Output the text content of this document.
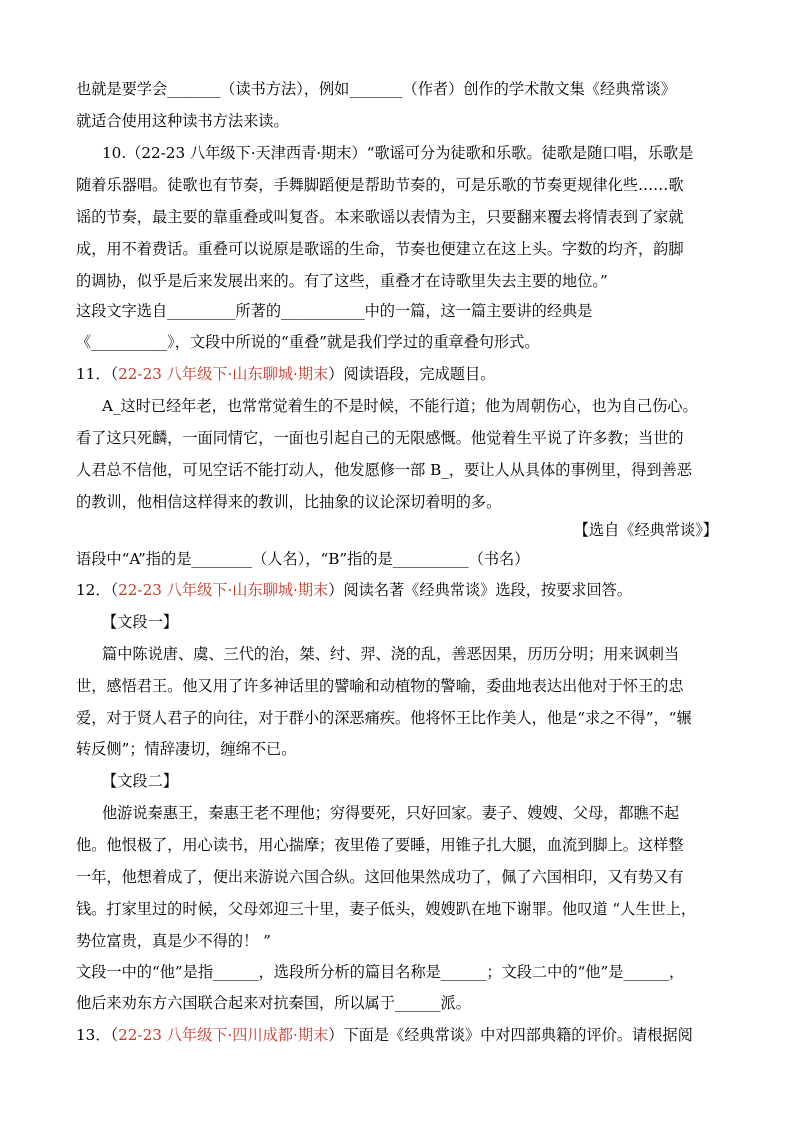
也就是要学会_______（读书方法），例如_______（作者）创作的学术散文集《经典常谈》
就适合使用这种读书方法来读。
10.（22-23 八年级下·天津西青·期末）“歌谣可分为徒歌和乐歌。徒歌是随口唱，乐歌是
随着乐器唱。徒歌也有节奏，手舞脚蹈便是帮助节奏的，可是乐歌的节奏更规律化些……歌
谣的节奏，最主要的靠重叠或叫复沓。本来歌谣以表情为主，只要翻来覆去将情表到了家就
成，用不着费话。重叠可以说原是歌谣的生命，节奏也便建立在这上头。字数的均齐，韵脚
的调协，似乎是后来发展出来的。有了这些，重叠才在诗歌里失去主要的地位。”
这段文字选自_________所著的___________中的一篇，这一篇主要讲的经典是
《__________》，文段中所说的“重叠”就是我们学过的重章叠句形式。
11．（22-23 八年级下·山东聊城·期末）阅读语段，完成题目。
A_这时已经年老，也常常觉着生的不是时候，不能行道；他为周朝伤心，也为自己伤心。
看了这只死麟，一面同情它，一面也引起自己的无限感慨。他觉着生平说了许多教；当世的
人君总不信他，可见空话不能打动人，他发愿修一部 B_，要让人从具体的事例里，得到善恶
的教训，他相信这样得来的教训，比抽象的议论深切着明的多。
【选自《经典常谈》】
语段中“A”指的是________（人名），“B”指的是__________（书名）
12．（22-23 八年级下·山东聊城·期末）阅读名著《经典常谈》选段，按要求回答。
【文段一】
篇中陈说唐、虞、三代的治，桀、纣、羿、浇的乱，善恶因果，历历分明；用来讽刺当
世，感悟君王。他又用了许多神话里的譬喻和动植物的警喻，委曲地表达出他对于怀王的忠
爱，对于贤人君子的向往，对于群小的深恶痛疾。他将怀王比作美人，他是“求之不得”，“辗
转反侧”；情辞凄切，缠绵不已。
【文段二】
他游说秦惠王，秦惠王老不理他；穷得要死，只好回家。妻子、嫂嫂、父母，都瞧不起
他。他恨极了，用心读书，用心揣摩；夜里倦了要睡，用锥子扎大腿，血流到脚上。这样整
一年，他想着成了，便出来游说六国合纵。这回他果然成功了，佩了六国相印，又有势又有
钱。打家里过的时候，父母郊迎三十里，妻子低头，嫂嫂趴在地下谢罪。他叹道 “人生世上，
势位富贵，真是少不得的！ ”
文段一中的“他”是指______，选段所分析的篇目名称是______；文段二中的“他”是______，
他后来劝东方六国联合起来对抗秦国，所以属于______派。
13．（22-23 八年级下·四川成都·期末）下面是《经典常谈》中对四部典籍的评价。请根据阅
